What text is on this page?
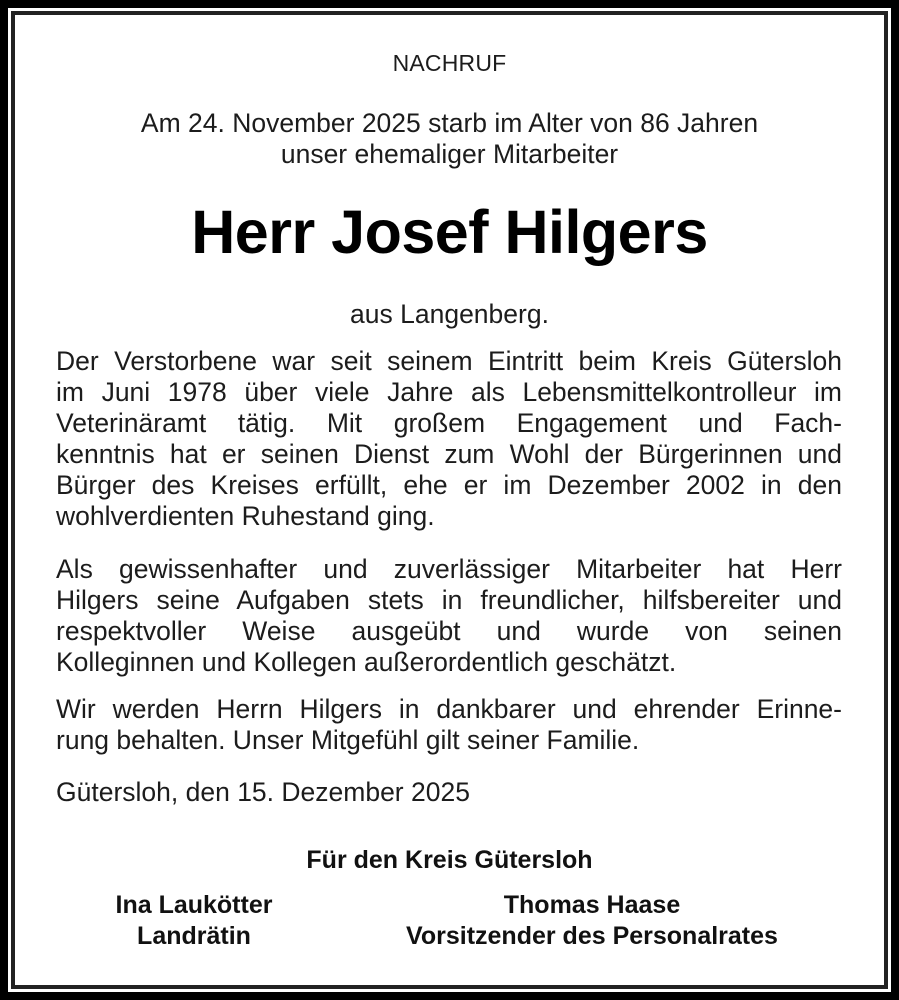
NACHRUF
Am 24. November 2025 starb im Alter von 86 Jahren
unser ehemaliger Mitarbeiter
Herr Josef Hilgers
aus Langenberg.
Der Verstorbene war seit seinem Eintritt beim Kreis Gütersloh
im Juni 1978 über viele Jahre als Lebensmittelkontrolleur im
Veterinäramt tätig. Mit großem Engagement und Fach-
kenntnis hat er seinen Dienst zum Wohl der Bürgerinnen und
Bürger des Kreises erfüllt, ehe er im Dezember 2002 in den
wohlverdienten Ruhestand ging.
Als gewissenhafter und zuverlässiger Mitarbeiter hat Herr
Hilgers seine Aufgaben stets in freundlicher, hilfsbereiter und
respektvoller Weise ausgeübt und wurde von seinen
Kolleginnen und Kollegen außerordentlich geschätzt.
Wir werden Herrn Hilgers in dankbarer und ehrender Erinne-
rung behalten. Unser Mitgefühl gilt seiner Familie.
Gütersloh, den 15. Dezember 2025
Für den Kreis Gütersloh
Ina Laukötter
Landrätin
Thomas Haase
Vorsitzender des Personalrates
